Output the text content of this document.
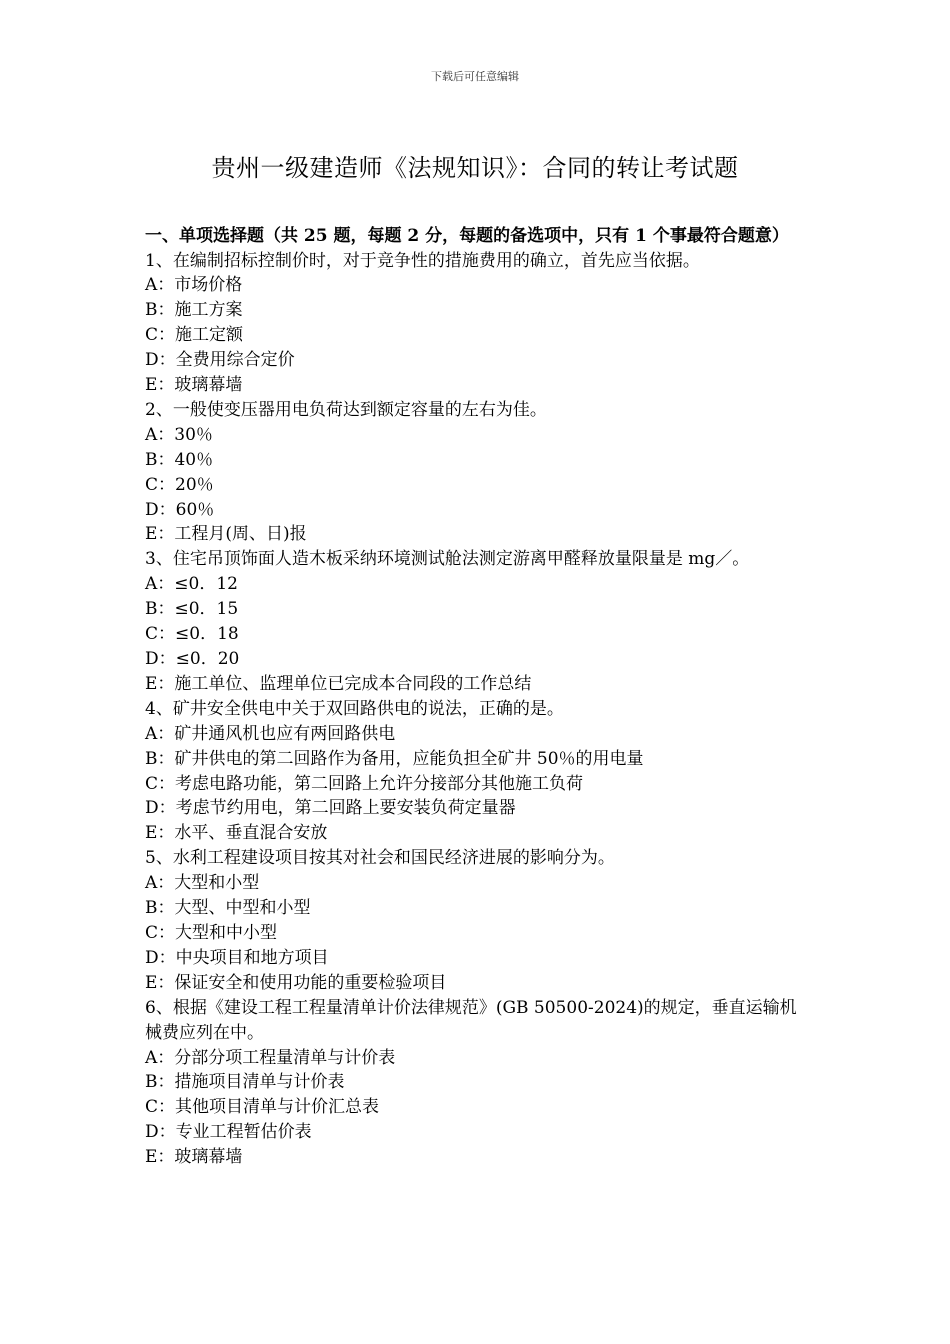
下载后可任意编辑
贵州一级建造师《法规知识》：合同的转让考试题

一、单项选择题（共 25 题，每题 2 分，每题的备选项中，只有 1 个事最符合题意）

1、在编制招标控制价时，对于竞争性的措施费用的确立，首先应当依据。

A：市场价格

B：施工方案

C：施工定额

D：全费用综合定价

E：玻璃幕墙

2、一般使变压器用电负荷达到额定容量的左右为佳。

A：30％

B：40％

C：20％

D：60％

E：工程月(周、日)报

3、住宅吊顶饰面人造木板采纳环境测试舱法测定游离甲醛释放量限量是 mg／。

A：≤0．12

B：≤0．15

C：≤0．18

D：≤0．20

E：施工单位、监理单位已完成本合同段的工作总结

4、矿井安全供电中关于双回路供电的说法，正确的是。

A：矿井通风机也应有两回路供电

B：矿井供电的第二回路作为备用，应能负担全矿井 50％的用电量

C：考虑电路功能，第二回路上允许分接部分其他施工负荷

D：考虑节约用电，第二回路上要安装负荷定量器

E：水平、垂直混合安放

5、水利工程建设项目按其对社会和国民经济进展的影响分为。

A：大型和小型

B：大型、中型和小型

C：大型和中小型

D：中央项目和地方项目

E：保证安全和使用功能的重要检验项目

6、根据《建设工程工程量清单计价法律规范》(GB 50500-2024)的规定，垂直运输机械费应列在中。

A：分部分项工程量清单与计价表

B：措施项目清单与计价表

C：其他项目清单与计价汇总表

D：专业工程暂估价表

E：玻璃幕墙
